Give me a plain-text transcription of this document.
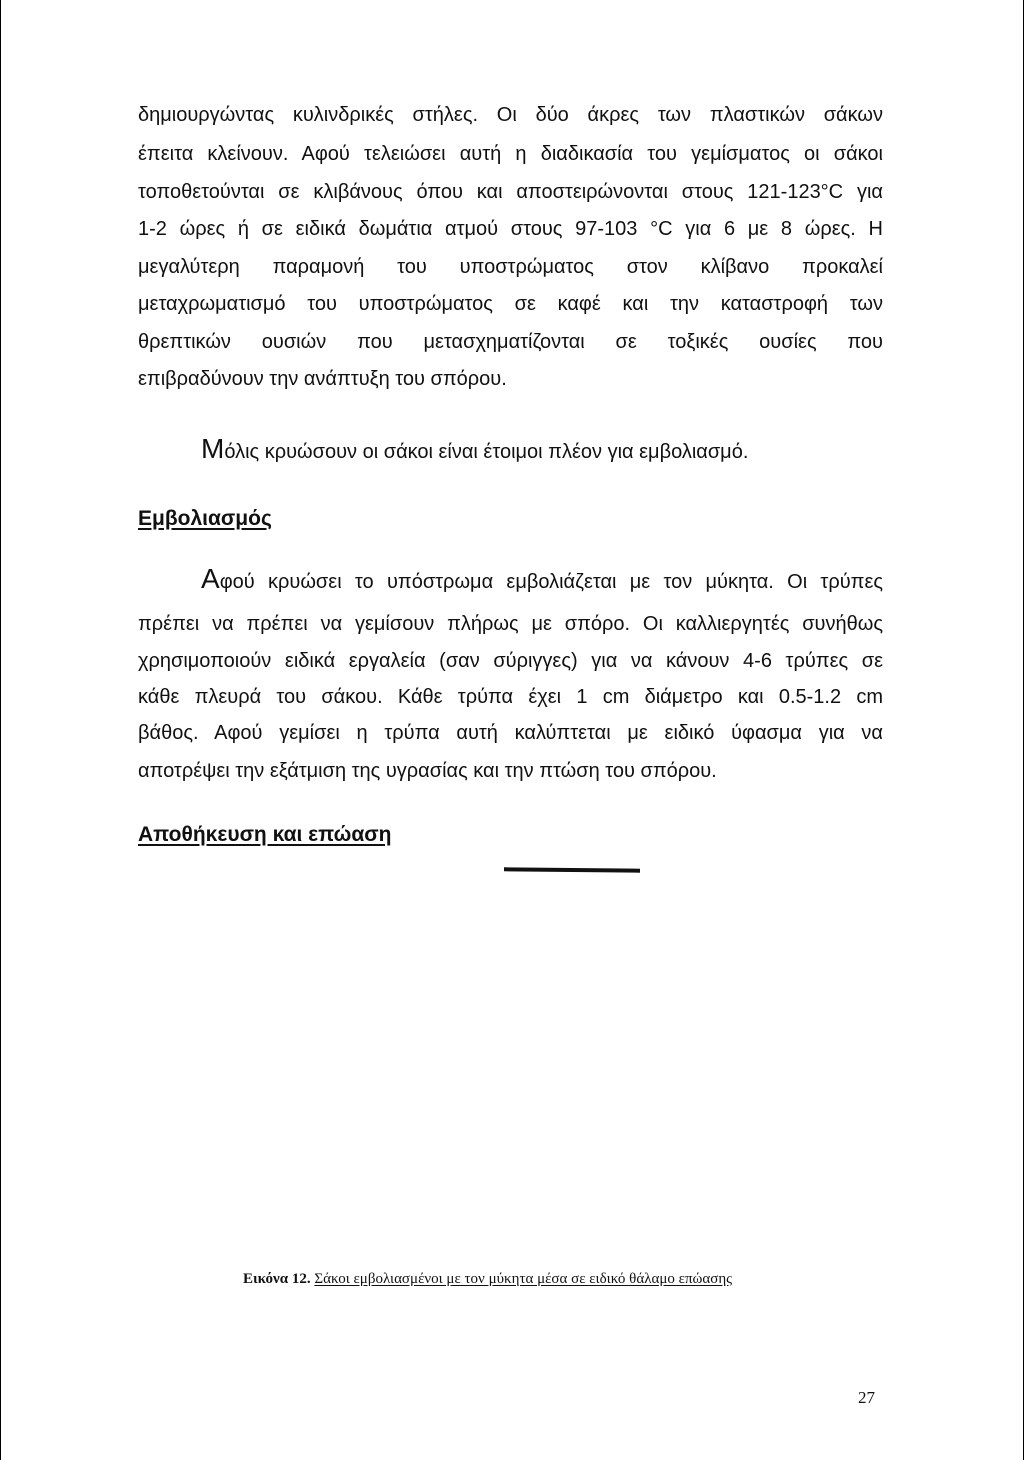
δημιουργώντας κυλινδρικές στήλες. Οι δύο άκρες των πλαστικών σάκων
έπειτα κλείνουν. Αφού τελειώσει αυτή η διαδικασία του γεμίσματος οι σάκοι
τοποθετούνται σε κλιβάνους όπου και αποστειρώνονται στους 121-123°C για
1-2 ώρες ή σε ειδικά δωμάτια ατμού στους 97-103 °C για 6 με 8 ώρες. Η
μεγαλύτερη παραμονή του υποστρώματος στον κλίβανο προκαλεί
μεταχρωματισμό του υποστρώματος σε καφέ και την καταστροφή των
θρεπτικών ουσιών που μετασχηματίζονται σε τοξικές ουσίες που
επιβραδύνουν την ανάπτυξη του σπόρου.
Μόλις κρυώσουν οι σάκοι είναι έτοιμοι πλέον για εμβολιασμό.
Εμβολιασμός
Αφού κρυώσει το υπόστρωμα εμβολιάζεται με τον μύκητα. Οι τρύπες
πρέπει να πρέπει να γεμίσουν πλήρως με σπόρο. Οι καλλιεργητές συνήθως
χρησιμοποιούν ειδικά εργαλεία (σαν σύριγγες) για να κάνουν 4-6 τρύπες σε
κάθε πλευρά του σάκου. Κάθε τρύπα έχει 1 cm διάμετρο και 0.5-1.2 cm
βάθος. Αφού γεμίσει η τρύπα αυτή καλύπτεται με ειδικό ύφασμα για να
αποτρέψει την εξάτμιση της υγρασίας και την πτώση του σπόρου.
Αποθήκευση και επώαση
Εικόνα 12. Σάκοι εμβολιασμένοι με τον μύκητα μέσα σε ειδικό θάλαμο επώασης
27
